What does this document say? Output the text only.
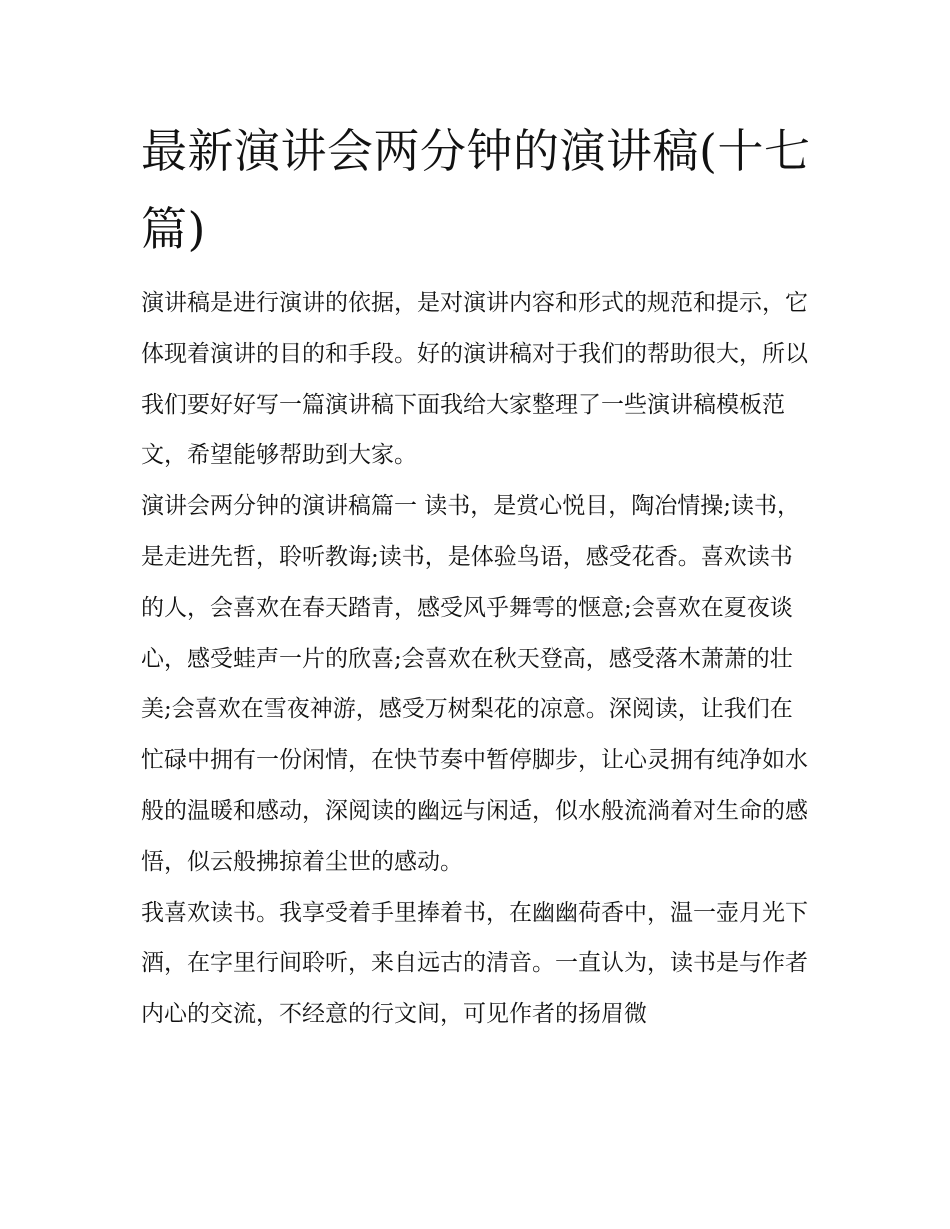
最新演讲会两分钟的演讲稿(十七篇)

演讲稿是进行演讲的依据，是对演讲内容和形式的规范和提示，它体现着演讲的目的和手段。好的演讲稿对于我们的帮助很大，所以我们要好好写一篇演讲稿下面我给大家整理了一些演讲稿模板范文，希望能够帮助到大家。

演讲会两分钟的演讲稿篇一 读书，是赏心悦目，陶冶情操;读书，是走进先哲，聆听教诲;读书，是体验鸟语，感受花香。喜欢读书的人，会喜欢在春天踏青，感受风乎舞雩的惬意;会喜欢在夏夜谈心，感受蛙声一片的欣喜;会喜欢在秋天登高，感受落木萧萧的壮美;会喜欢在雪夜神游，感受万树梨花的凉意。深阅读，让我们在忙碌中拥有一份闲情，在快节奏中暂停脚步，让心灵拥有纯净如水般的温暖和感动，深阅读的幽远与闲适，似水般流淌着对生命的感悟，似云般拂掠着尘世的感动。

我喜欢读书。我享受着手里捧着书，在幽幽荷香中，温一壶月光下酒，在字里行间聆听，来自远古的清音。一直认为，读书是与作者内心的交流，不经意的行文间，可见作者的扬眉微
